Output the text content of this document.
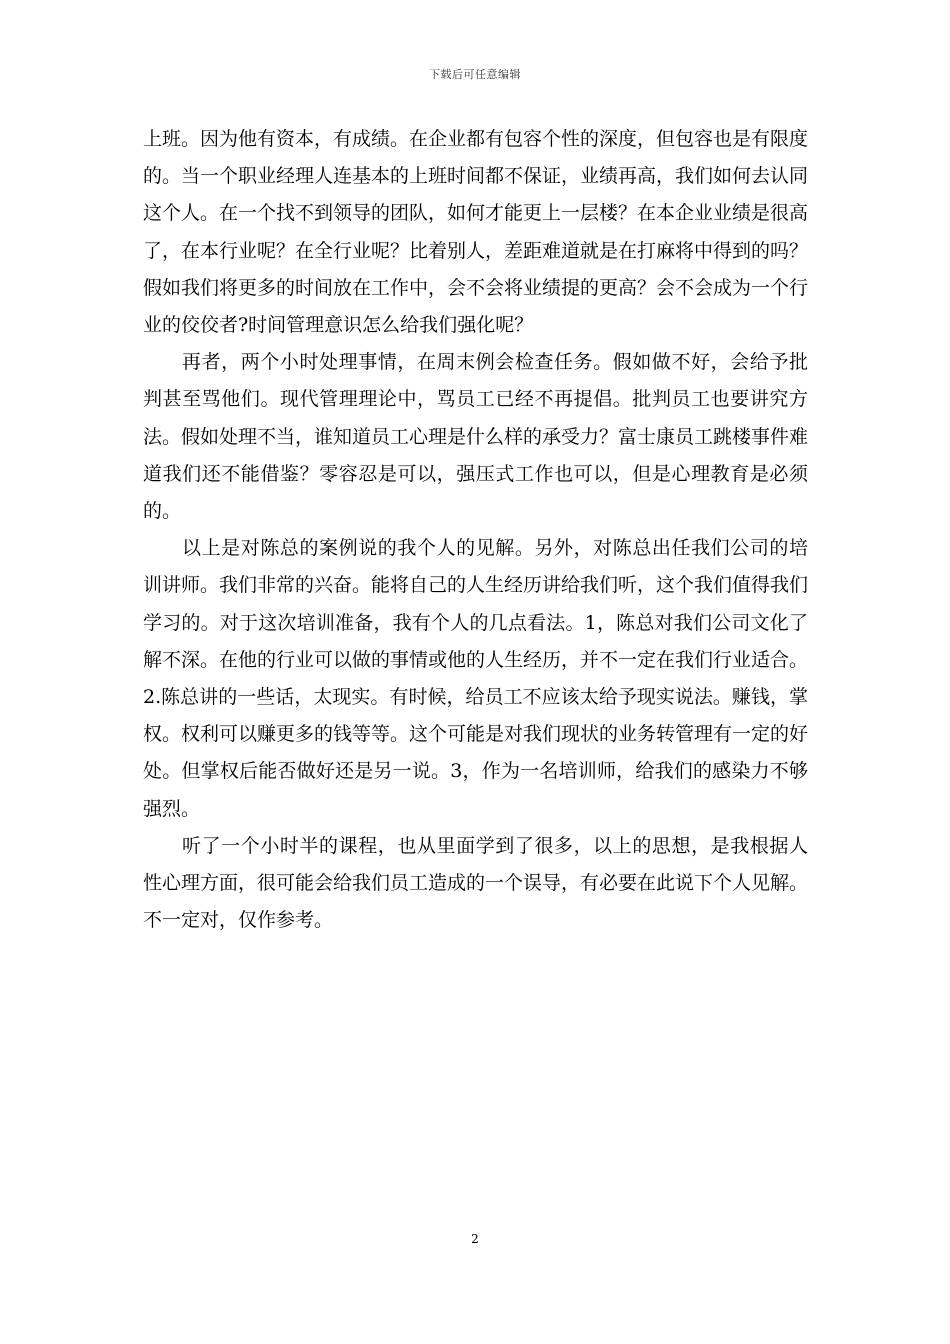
下载后可任意编辑

上班。因为他有资本，有成绩。在企业都有包容个性的深度，但包容也是有限度的。当一个职业经理人连基本的上班时间都不保证，业绩再高，我们如何去认同这个人。在一个找不到领导的团队，如何才能更上一层楼？在本企业业绩是很高了，在本行业呢？在全行业呢？比着别人，差距难道就是在打麻将中得到的吗？假如我们将更多的时间放在工作中，会不会将业绩提的更高？会不会成为一个行业的佼佼者?时间管理意识怎么给我们强化呢？

再者，两个小时处理事情，在周末例会检查任务。假如做不好，会给予批判甚至骂他们。现代管理理论中，骂员工已经不再提倡。批判员工也要讲究方法。假如处理不当，谁知道员工心理是什么样的承受力？富士康员工跳楼事件难道我们还不能借鉴？零容忍是可以，强压式工作也可以，但是心理教育是必须的。

以上是对陈总的案例说的我个人的见解。另外，对陈总出任我们公司的培训讲师。我们非常的兴奋。能将自己的人生经历讲给我们听，这个我们值得我们学习的。对于这次培训准备，我有个人的几点看法。1，陈总对我们公司文化了解不深。在他的行业可以做的事情或他的人生经历，并不一定在我们行业适合。2.陈总讲的一些话，太现实。有时候，给员工不应该太给予现实说法。赚钱，掌权。权利可以赚更多的钱等等。这个可能是对我们现状的业务转管理有一定的好处。但掌权后能否做好还是另一说。3，作为一名培训师，给我们的感染力不够强烈。

听了一个小时半的课程，也从里面学到了很多，以上的思想，是我根据人性心理方面，很可能会给我们员工造成的一个误导，有必要在此说下个人见解。不一定对，仅作参考。

2
